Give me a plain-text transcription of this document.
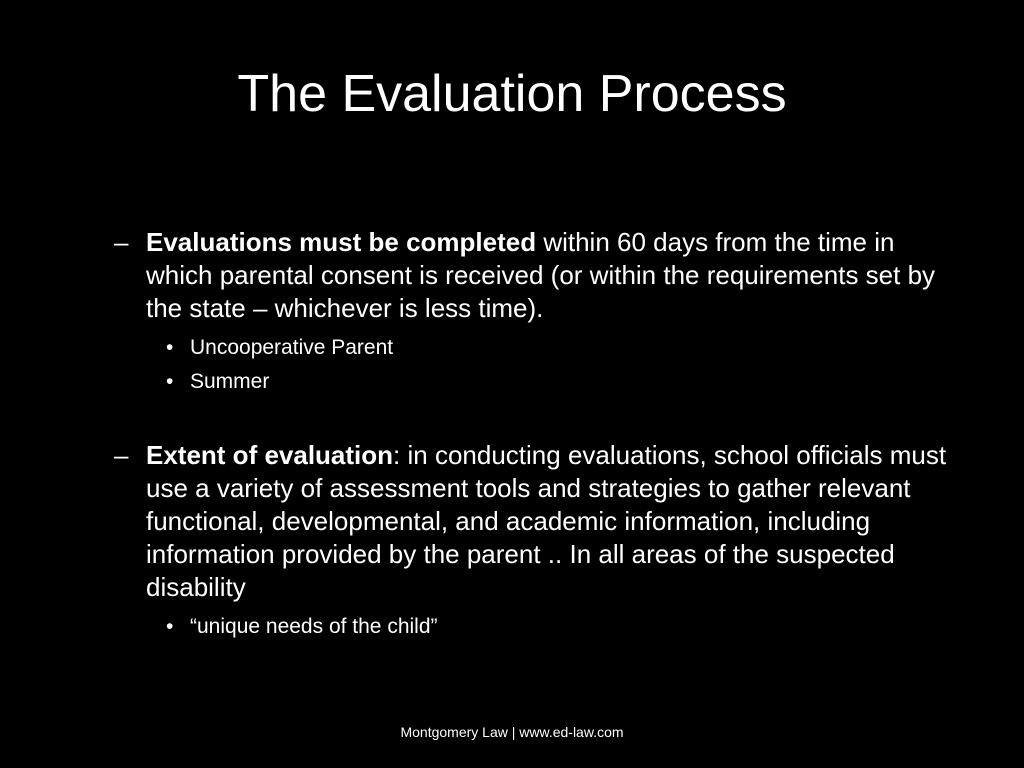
The Evaluation Process
– Evaluations must be completed within 60 days from the time in which parental consent is received (or within the requirements set by the state – whichever is less time).
• Uncooperative Parent
• Summer
– Extent of evaluation: in conducting evaluations, school officials must use a variety of assessment tools and strategies to gather relevant functional, developmental, and academic information, including information provided by the parent .. In all areas of the suspected disability
• “unique needs of the child”
Montgomery Law | www.ed-law.com
